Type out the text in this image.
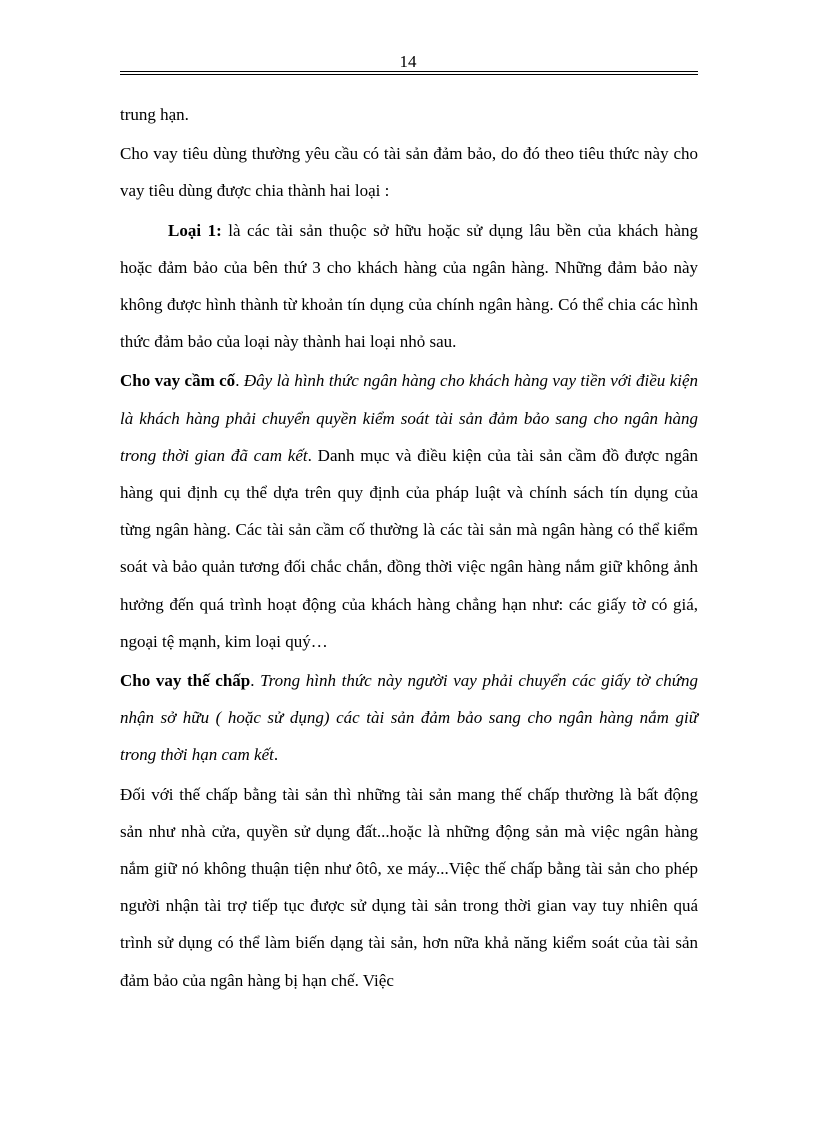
14

trung hạn.

Cho vay tiêu dùng thường yêu cầu có tài sản đảm bảo, do đó theo tiêu thức này cho vay tiêu dùng được chia thành hai loại :

Loại 1: là các tài sản thuộc sở hữu hoặc sử dụng lâu bền của khách hàng hoặc đảm bảo của bên thứ 3 cho khách hàng của ngân hàng. Những đảm bảo này không được hình thành từ khoản tín dụng của chính ngân hàng. Có thể chia các hình thức đảm bảo của loại này thành hai loại nhỏ sau.

Cho vay cầm cố. Đây là hình thức ngân hàng cho khách hàng vay tiền với điều kiện là khách hàng phải chuyển quyền kiểm soát tài sản đảm bảo sang cho ngân hàng trong thời gian đã cam kết. Danh mục và điều kiện của tài sản cầm đồ được ngân hàng qui định cụ thể dựa trên quy định của pháp luật và chính sách tín dụng của từng ngân hàng. Các tài sản cầm cố thường là các tài sản mà ngân hàng có thể kiểm soát và bảo quản tương đối chắc chắn, đồng thời việc ngân hàng nắm giữ không ảnh hưởng đến quá trình hoạt động của khách hàng chẳng hạn như: các giấy tờ có giá, ngoại tệ mạnh, kim loại quý…

Cho vay thế chấp. Trong hình thức này người vay phải chuyển các giấy tờ chứng nhận sở hữu ( hoặc sử dụng) các tài sản đảm bảo sang cho ngân hàng nắm giữ trong thời hạn cam kết.

Đối với thế chấp bằng tài sản thì những tài sản mang thế chấp thường là bất động sản như nhà cửa, quyền sử dụng đất...hoặc là những động sản mà việc ngân hàng nắm giữ nó không thuận tiện như ôtô, xe máy...Việc thế chấp bằng tài sản cho phép người nhận tài trợ tiếp tục được sử dụng tài sản trong thời gian vay tuy nhiên quá trình sử dụng có thể làm biến dạng tài sản, hơn nữa khả năng kiểm soát của tài sản đảm bảo của ngân hàng bị hạn chế. Việc
